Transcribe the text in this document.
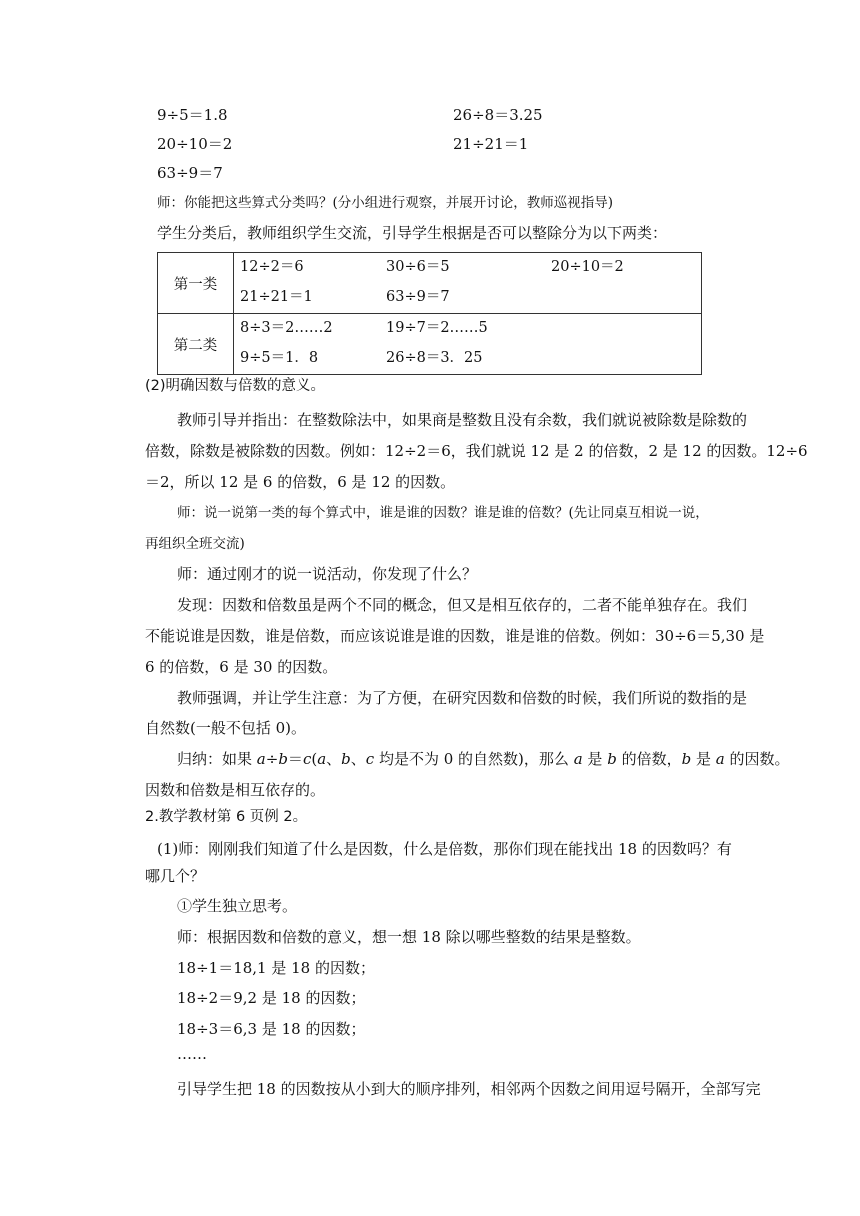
9÷5＝1.8	26÷8＝3.25
20÷10＝2	21÷21＝1
63÷9＝7
师：你能把这些算式分类吗？(分小组进行观察，并展开讨论，教师巡视指导)
学生分类后，教师组织学生交流，引导学生根据是否可以整除分为以下两类：
第一类	12÷2＝6 30÷6＝5 20÷10＝2
21÷21＝1 63÷9＝7

第二类	8÷3＝2……2 19÷7＝2……5
9÷5＝1．8 26÷8＝3．25
(2)明确因数与倍数的意义。
教师引导并指出：在整数除法中，如果商是整数且没有余数，我们就说被除数是除数的
倍数，除数是被除数的因数。例如：12÷2＝6，我们就说 12 是 2 的倍数，2 是 12 的因数。12÷6
＝2，所以 12 是 6 的倍数，6 是 12 的因数。
师：说一说第一类的每个算式中，谁是谁的因数？谁是谁的倍数？(先让同桌互相说一说，
再组织全班交流)
师：通过刚才的说一说活动，你发现了什么？
发现：因数和倍数虽是两个不同的概念，但又是相互依存的，二者不能单独存在。我们
不能说谁是因数，谁是倍数，而应该说谁是谁的因数，谁是谁的倍数。例如：30÷6＝5,30 是
6 的倍数，6 是 30 的因数。
教师强调，并让学生注意：为了方便，在研究因数和倍数的时候，我们所说的数指的是
自然数(一般不包括 0)。
归纳：如果 a÷b＝c(a、b、c 均是不为 0 的自然数)，那么 a 是 b 的倍数，b 是 a 的因数。
因数和倍数是相互依存的。
2.教学教材第 6 页例 2。
(1)师：刚刚我们知道了什么是因数，什么是倍数，那你们现在能找出 18 的因数吗？有
哪几个？
①学生独立思考。
师：根据因数和倍数的意义，想一想 18 除以哪些整数的结果是整数。
18÷1＝18,1 是 18 的因数；
18÷2＝9,2 是 18 的因数；
18÷3＝6,3 是 18 的因数；
……
引导学生把 18 的因数按从小到大的顺序排列，相邻两个因数之间用逗号隔开，全部写完
